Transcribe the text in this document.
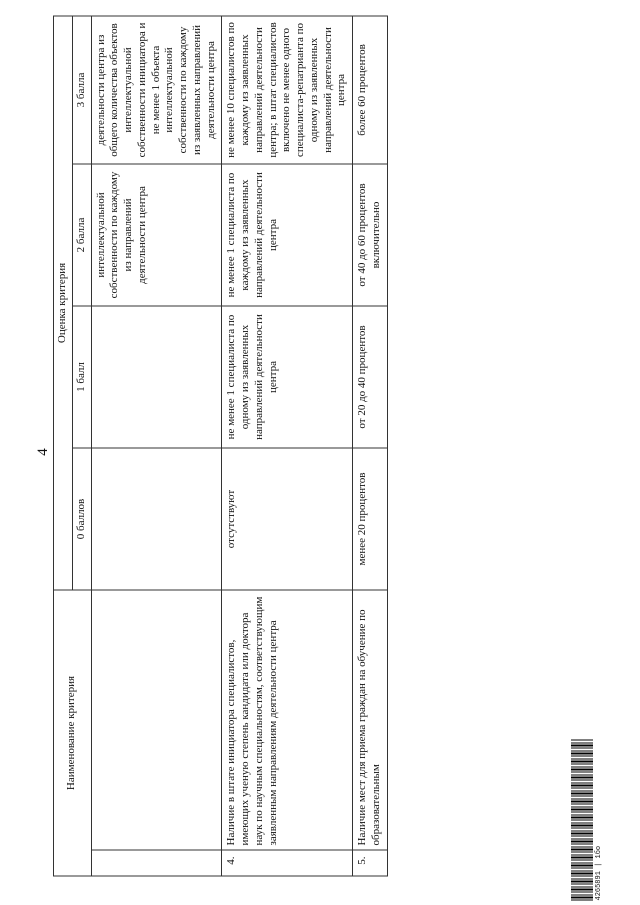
4
Наименование критерия		Оценка критерия			
		0 баллов	1 балл	2 балла	3 балла
				интеллектуальной собственности по каждому из направлений деятельности центра	деятельности центра из общего количества объектов интеллектуальной собственности инициатора и не менее 1 объекта интеллектуальной собственности по каждому из заявленных направлений деятельности центра
4.	Наличие в штате инициатора специалистов, имеющих ученую степень кандидата или доктора наук по научным специальностям, соответствующим заявленным направлениям деятельности центра	отсутствуют	не менее 1 специалиста по одному из заявленных направлений деятельности центра	не менее 1 специалиста по каждому из заявленных направлений деятельности центра	не менее 10 специалистов по каждому из заявленных направлений деятельности центра; в штат специалистов включено не менее одного специалиста-репатрианта по одному из заявленных направлений деятельности центра
5.	Наличие мест для приема граждан на обучение по образовательным	менее 20 процентов	от 20 до 40 процентов	от 40 до 60 процентов включительно	более 60 процентов
4265891 | 1бо
